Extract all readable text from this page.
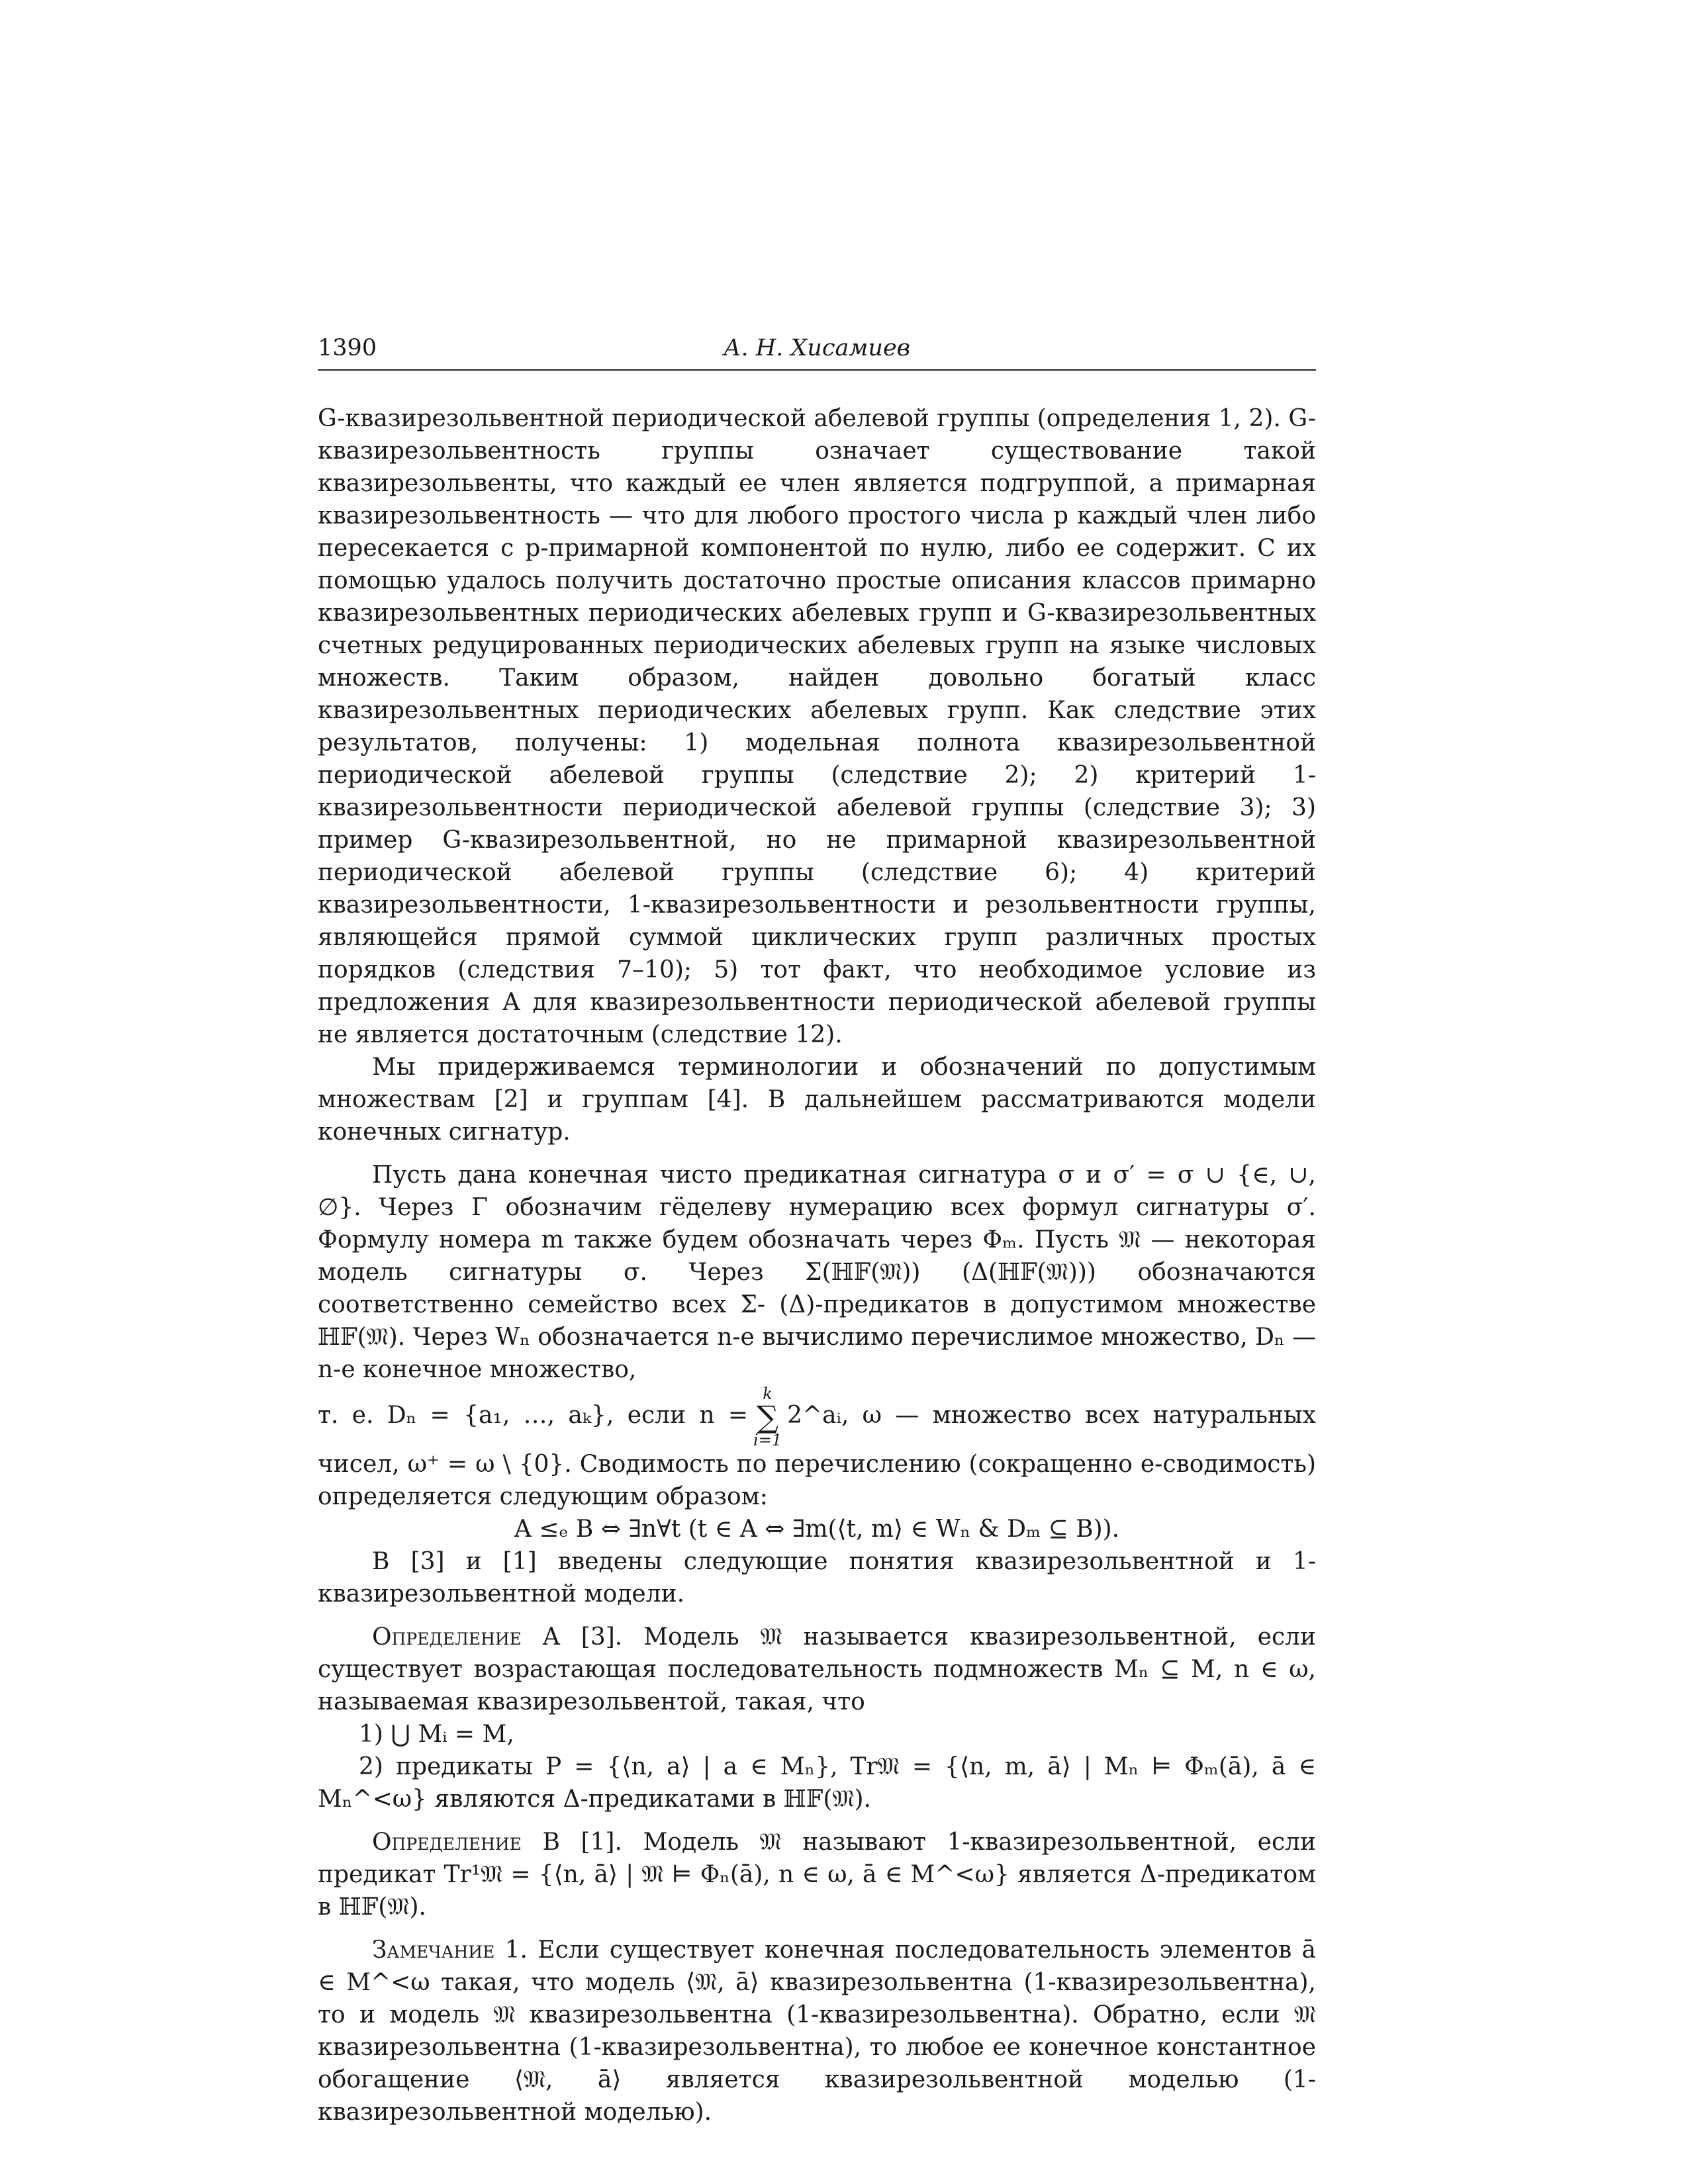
1390	А. Н. Хисамиев

G-квазирезольвентной периодической абелевой группы (определения 1, 2). G-квазирезольвентность группы означает существование такой квазирезольвенты, что каждый ее член является подгруппой, а примарная квазирезольвентность — что для любого простого числа p каждый член либо пересекается с p-примарной компонентой по нулю, либо ее содержит. С их помощью удалось получить достаточно простые описания классов примарно квазирезольвентных периодических абелевых групп и G-квазирезольвентных счетных редуцированных периодических абелевых групп на языке числовых множеств. Таким образом, найден довольно богатый класс квазирезольвентных периодических абелевых групп. Как следствие этих результатов, получены: 1) модельная полнота квазирезольвентной периодической абелевой группы (следствие 2); 2) критерий 1-квазирезольвентности периодической абелевой группы (следствие 3); 3) пример G-квазирезольвентной, но не примарной квазирезольвентной периодической абелевой группы (следствие 6); 4) критерий квазирезольвентности, 1-квазирезольвентности и резольвентности группы, являющейся прямой суммой циклических групп различных простых порядков (следствия 7–10); 5) тот факт, что необходимое условие из предложения A для квазирезольвентности периодической абелевой группы не является достаточным (следствие 12).

Мы придерживаемся терминологии и обозначений по допустимым множествам [2] и группам [4]. В дальнейшем рассматриваются модели конечных сигнатур.

Пусть дана конечная чисто предикатная сигнатура σ и σ′ = σ ∪ {∈, ∪, ∅}. Через Γ обозначим гёделеву нумерацию всех формул сигнатуры σ′. Формулу номера m также будем обозначать через Φₘ. Пусть 𝔐 — некоторая модель сигнатуры σ. Через Σ(ℍ𝔽(𝔐)) (Δ(ℍ𝔽(𝔐))) обозначаются соответственно семейство всех Σ- (Δ)-предикатов в допустимом множестве ℍ𝔽(𝔐). Через Wₙ обозначается n-е вычислимо перечислимое множество, Dₙ — n-е конечное множество,

т. е. Dₙ = {a₁, …, aₖ}, если n =
k
∑
i=1
2^aᵢ, ω — множество всех натуральных чисел, ω⁺ = ω \ {0}. Сводимость по перечислению (сокращенно e-сводимость) определяется следующим образом:

A ≤ₑ B ⇔ ∃n∀t (t ∈ A ⇔ ∃m(⟨t, m⟩ ∈ Wₙ & Dₘ ⊆ B)).

В [3] и [1] введены следующие понятия квазирезольвентной и 1-квазирезольвентной модели.

Определение A [3]. Модель 𝔐 называется квазирезольвентной, если существует возрастающая последовательность подмножеств Mₙ ⊆ M, n ∈ ω, называемая квазирезольвентой, такая, что

1) ⋃ Mᵢ = M,

2) предикаты P = {⟨n, a⟩ | a ∈ Mₙ}, Tr𝔐 = {⟨n, m, ā⟩ | Mₙ ⊨ Φₘ(ā), ā ∈ Mₙ^<ω} являются Δ-предикатами в ℍ𝔽(𝔐).

Определение B [1]. Модель 𝔐 называют 1-квазирезольвентной, если предикат Tr¹𝔐 = {⟨n, ā⟩ | 𝔐 ⊨ Φₙ(ā), n ∈ ω, ā ∈ M^<ω} является Δ-предикатом в ℍ𝔽(𝔐).

Замечание 1. Если существует конечная последовательность элементов ā ∈ M^<ω такая, что модель ⟨𝔐, ā⟩ квазирезольвентна (1-квазирезольвентна), то и модель 𝔐 квазирезольвентна (1-квазирезольвентна). Обратно, если 𝔐 квазирезольвентна (1-квазирезольвентна), то любое ее конечное константное обогащение ⟨𝔐, ā⟩ является квазирезольвентной моделью (1-квазирезольвентной моделью).
